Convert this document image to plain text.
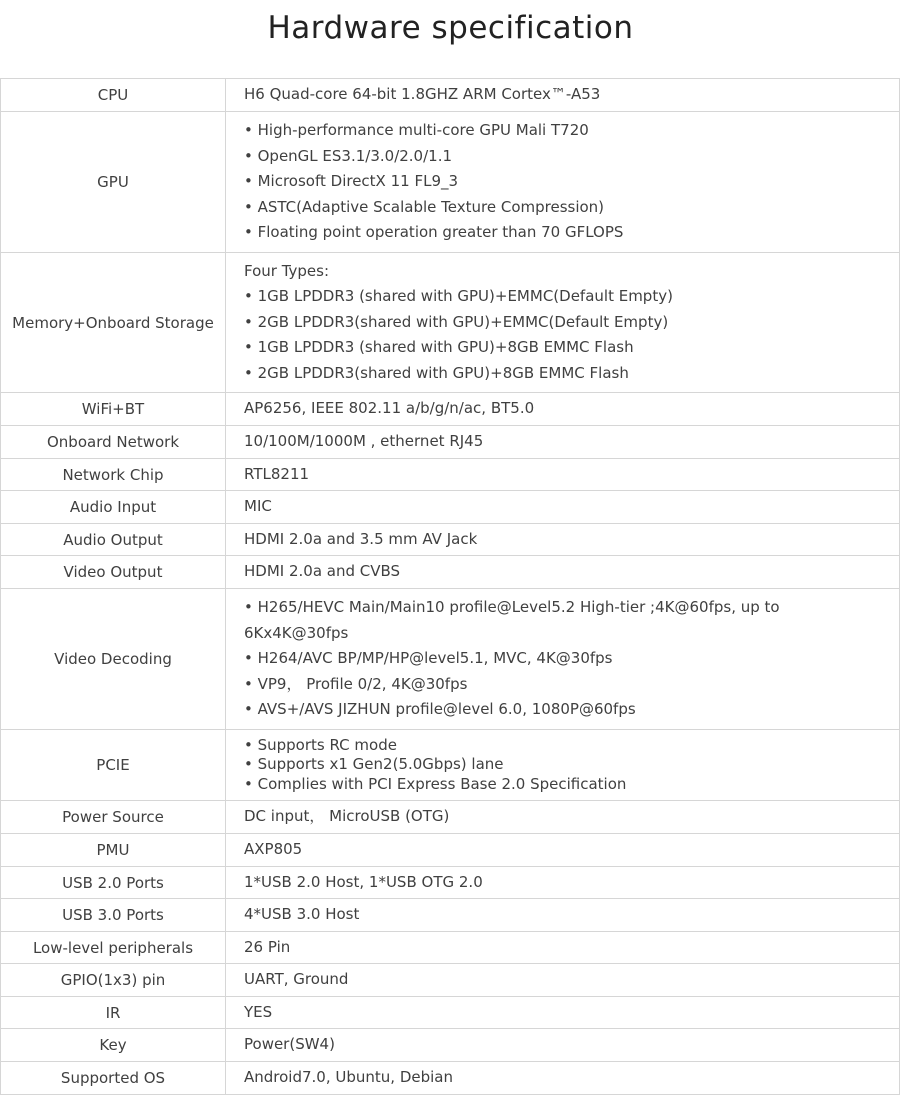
Hardware specification
CPU	H6 Quad-core 64-bit 1.8GHZ ARM Cortex™-A53

GPU	• High-performance multi-core GPU Mali T720
• OpenGL ES3.1/3.0/2.0/1.1
• Microsoft DirectX 11 FL9_3
• ASTC(Adaptive Scalable Texture Compression)
• Floating point operation greater than 70 GFLOPS

Memory+Onboard Storage	Four Types:
• 1GB LPDDR3 (shared with GPU)+EMMC(Default Empty)
• 2GB LPDDR3(shared with GPU)+EMMC(Default Empty)
• 1GB LPDDR3 (shared with GPU)+8GB EMMC Flash
• 2GB LPDDR3(shared with GPU)+8GB EMMC Flash

WiFi+BT	AP6256, IEEE 802.11 a/b/g/n/ac, BT5.0

Onboard Network	10/100M/1000M , ethernet RJ45

Network Chip	RTL8211

Audio Input	MIC

Audio Output	HDMI 2.0a and 3.5 mm AV Jack

Video Output	HDMI 2.0a and CVBS

Video Decoding	• H265/HEVC Main/Main10 profile@Level5.2 High-tier ;4K@60fps, up to
6Kx4K@30fps
• H264/AVC BP/MP/HP@level5.1, MVC, 4K@30fps
• VP9， Profile 0/2, 4K@30fps
• AVS+/AVS JIZHUN profile@level 6.0, 1080P@60fps

PCIE	• Supports RC mode
• Supports x1 Gen2(5.0Gbps) lane
• Complies with PCI Express Base 2.0 Specification

Power Source	DC input， MicroUSB (OTG)

PMU	AXP805

USB 2.0 Ports	1*USB 2.0 Host, 1*USB OTG 2.0

USB 3.0 Ports	4*USB 3.0 Host

Low-level peripherals	26 Pin

GPIO(1x3) pin	UART, Ground

IR	YES

Key	Power(SW4)

Supported OS	Android7.0, Ubuntu, Debian
